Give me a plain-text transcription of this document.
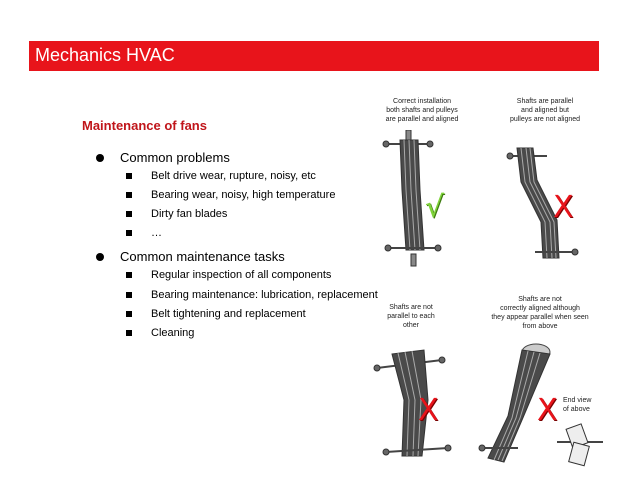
Mechanics HVAC
Maintenance of fans
Common problems
Belt drive wear, rupture, noisy, etc
Bearing wear, noisy, high temperature
Dirty fan blades
…
Common maintenance tasks
Regular inspection of all components
Bearing maintenance: lubrication, replacement
Belt tightening and replacement
Cleaning
Correct installation
both shafts and pulleys
are parallel and aligned
Shafts are parallel
and aligned but
pulleys are not aligned
Shafts are not
parallel to each
other
Shafts are not
correctly aligned although
they appear parallel when seen
from above
End view
of above
√	X
X	X
